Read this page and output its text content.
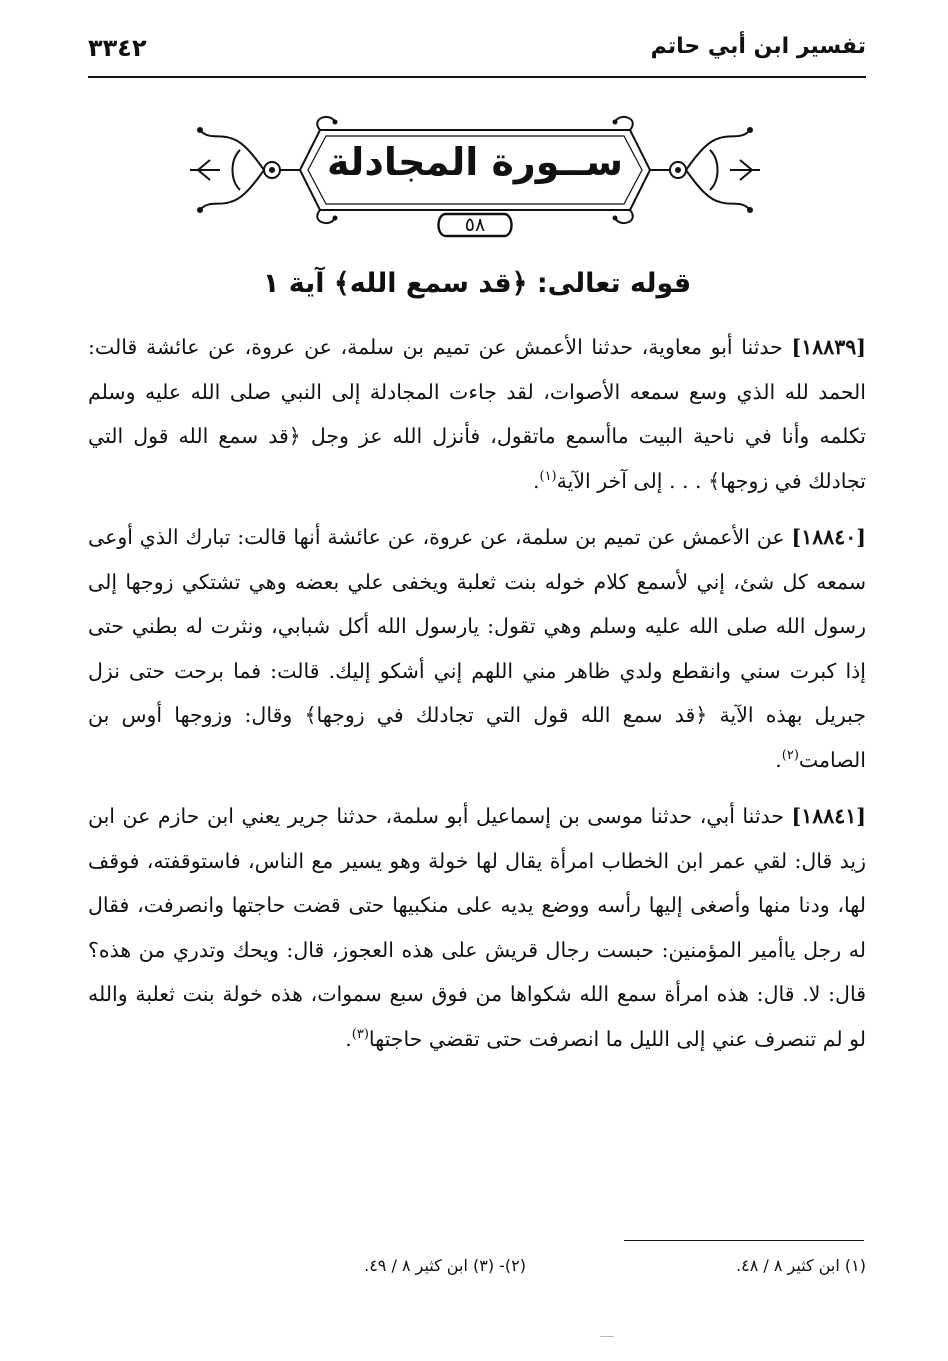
تفسير ابن أبي حاتم
٣٣٤٢
ســورة المجادلة
٥٨
قوله تعالى: ﴿قد سمع الله﴾ آية ١

[١٨٨٣٩] حدثنا أبو معاوية، حدثنا الأعمش عن تميم بن سلمة، عن عروة، عن عائشة قالت: الحمد لله الذي وسع سمعه الأصوات، لقد جاءت المجادلة إلى النبي صلى الله عليه وسلم تكلمه وأنا في ناحية البيت ماأسمع ماتقول، فأنزل الله عز وجل ﴿قد سمع الله قول التي تجادلك في زوجها﴾ . . . إلى آخر الآية$^{(١)}$.

[١٨٨٤٠] عن الأعمش عن تميم بن سلمة، عن عروة، عن عائشة أنها قالت: تبارك الذي أوعى سمعه كل شئ، إني لأسمع كلام خوله بنت ثعلبة ويخفى علي بعضه وهي تشتكي زوجها إلى رسول الله صلى الله عليه وسلم وهي تقول: يارسول الله أكل شبابي، ونثرت له بطني حتى إذا كبرت سني وانقطع ولدي ظاهر مني اللهم إني أشكو إليك. قالت: فما برحت حتى نزل جبريل بهذه الآية ﴿قد سمع الله قول التي تجادلك في زوجها﴾ وقال: وزوجها أوس بن الصامت$^{(٢)}$.

[١٨٨٤١] حدثنا أبي، حدثنا موسى بن إسماعيل أبو سلمة، حدثنا جرير يعني ابن حازم عن ابن زيد قال: لقي عمر ابن الخطاب امرأة يقال لها خولة وهو يسير مع الناس، فاستوقفته، فوقف لها، ودنا منها وأصغى إليها رأسه ووضع يديه على منكبيها حتى قضت حاجتها وانصرفت، فقال له رجل ياأمير المؤمنين: حبست رجال قريش على هذه العجوز، قال: ويحك وتدري من هذه؟ قال: لا. قال: هذه امرأة سمع الله شكواها من فوق سبع سموات، هذه خولة بنت ثعلبة والله لو لم تنصرف عني إلى الليل ما انصرفت حتى تقضي حاجتها$^{(٣)}$.

(١) ابن كثير ٨ / ٤٨.
(٢)- (٣) ابن كثير ٨ / ٤٩.
